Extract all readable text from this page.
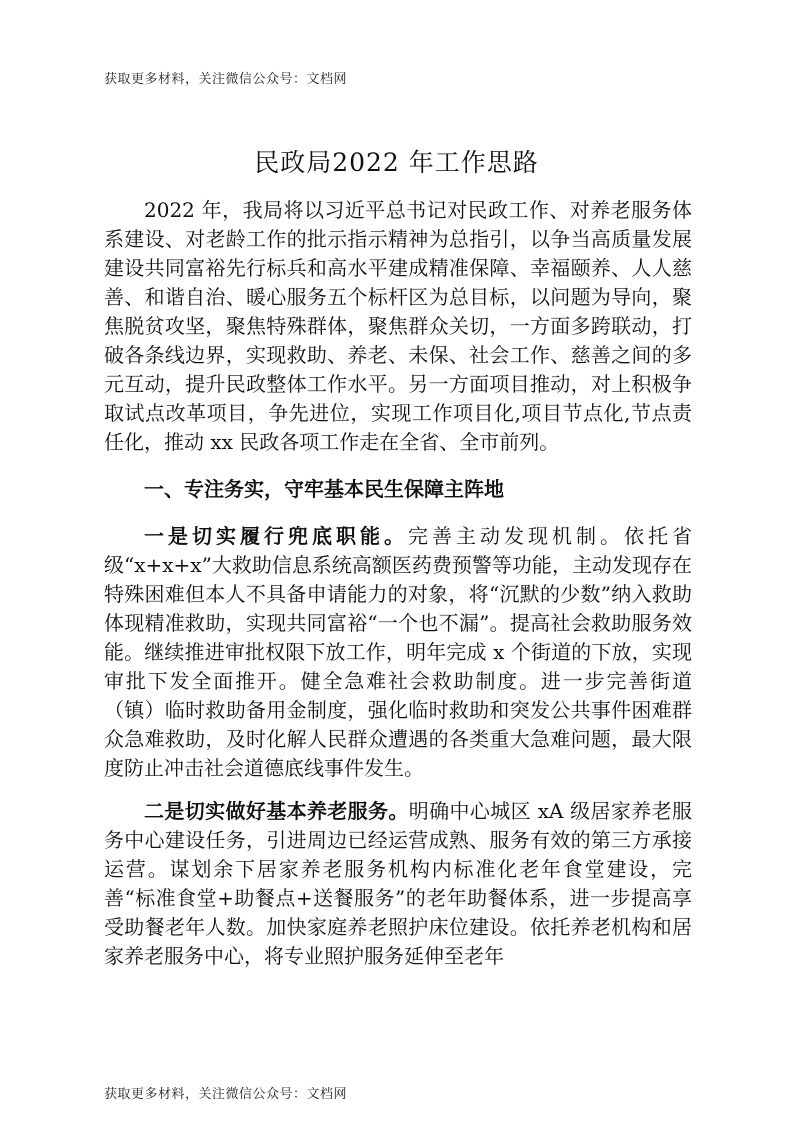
获取更多材料，关注微信公众号：文档网
民政局2022 年工作思路

2022 年，我局将以习近平总书记对民政工作、对养老服务体系建设、对老龄工作的批示指示精神为总指引，以争当高质量发展建设共同富裕先行标兵和高水平建成精准保障、幸福颐养、人人慈善、和谐自治、暖心服务五个标杆区为总目标，以问题为导向，聚焦脱贫攻坚，聚焦特殊群体，聚焦群众关切，一方面多跨联动，打破各条线边界，实现救助、养老、未保、社会工作、慈善之间的多元互动，提升民政整体工作水平。另一方面项目推动，对上积极争取试点改革项目，争先进位，实现工作项目化,项目节点化,节点责任化，推动 xx 民政各项工作走在全省、全市前列。

一、专注务实，守牢基本民生保障主阵地

一是切实履行兜底职能。完善主动发现机制。依托省级“x+x+x”大救助信息系统高额医药费预警等功能，主动发现存在特殊困难但本人不具备申请能力的对象，将“沉默的少数”纳入救助体现精准救助，实现共同富裕“一个也不漏”。提高社会救助服务效能。继续推进审批权限下放工作，明年完成 x 个街道的下放，实现审批下发全面推开。健全急难社会救助制度。进一步完善街道（镇）临时救助备用金制度，强化临时救助和突发公共事件困难群众急难救助，及时化解人民群众遭遇的各类重大急难问题，最大限度防止冲击社会道德底线事件发生。

二是切实做好基本养老服务。明确中心城区 xA 级居家养老服务中心建设任务，引进周边已经运营成熟、服务有效的第三方承接运营。谋划余下居家养老服务机构内标准化老年食堂建设，完善“标准食堂+助餐点+送餐服务”的老年助餐体系，进一步提高享受助餐老年人数。加快家庭养老照护床位建设。依托养老机构和居家养老服务中心，将专业照护服务延伸至老年

获取更多材料，关注微信公众号：文档网
